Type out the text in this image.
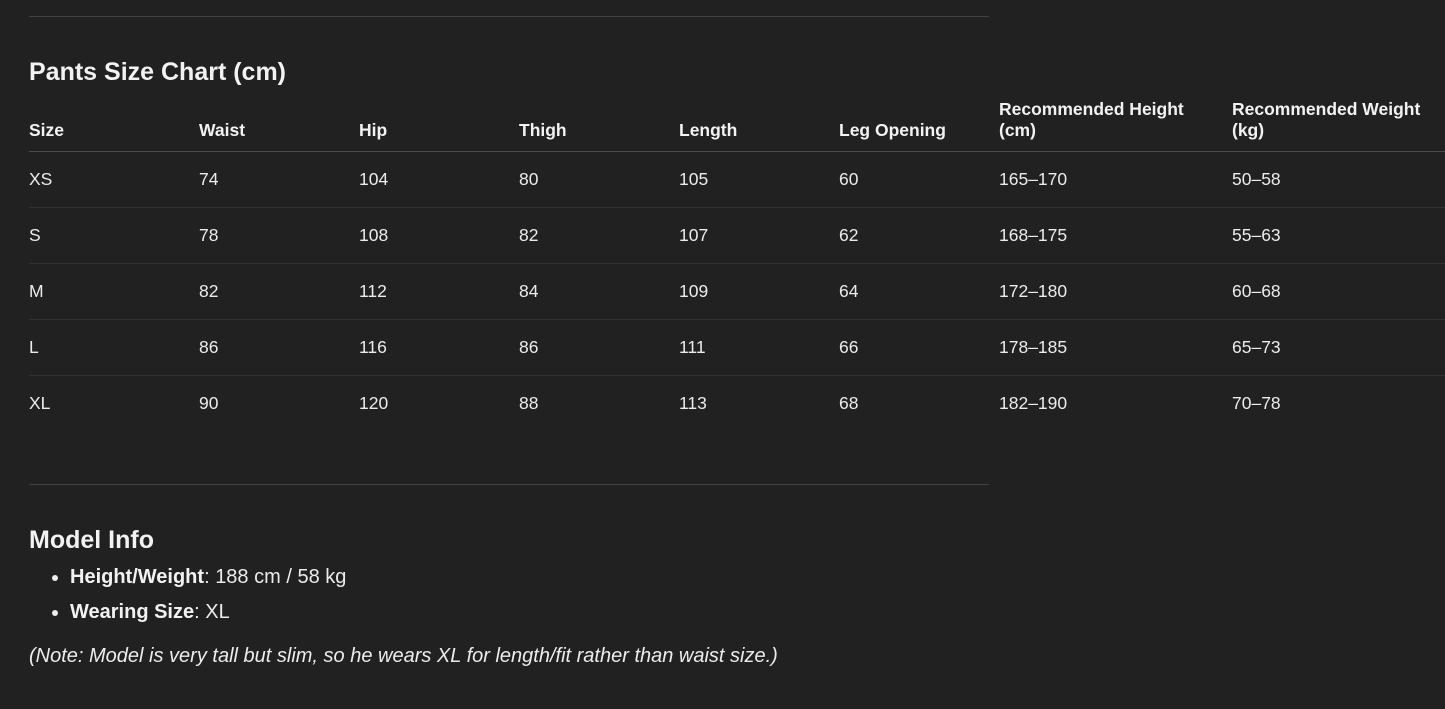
Pants Size Chart (cm)
Size	Waist	Hip	Thigh	Length	Leg Opening	Recommended Height (cm)	Recommended Weight (kg)
XS	74	104	80	105	60	165–170	50–58
S	78	108	82	107	62	168–175	55–63
M	82	112	84	109	64	172–180	60–68
L	86	116	86	111	66	178–185	65–73
XL	90	120	88	113	68	182–190	70–78
Model Info
• Height/Weight: 188 cm / 58 kg
• Wearing Size: XL

(Note: Model is very tall but slim, so he wears XL for length/fit rather than waist size.)
